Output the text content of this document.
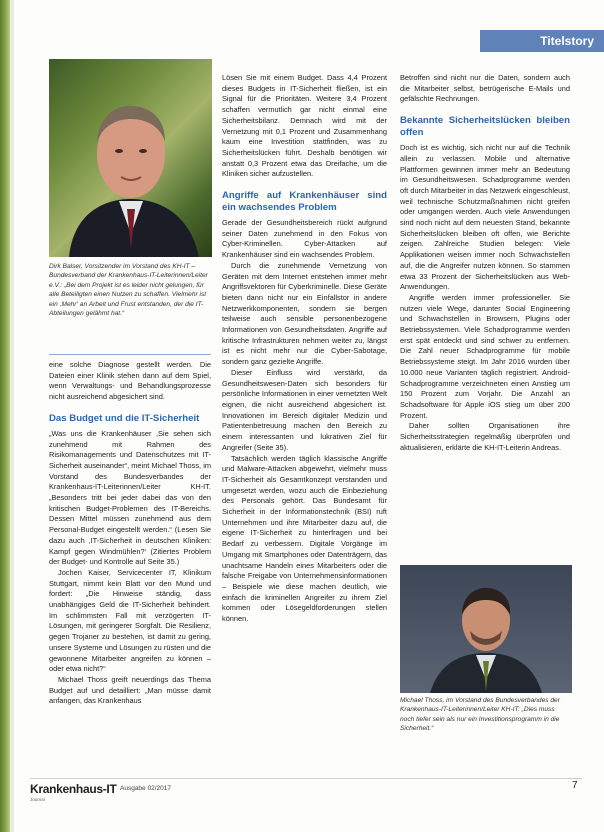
Titelstory
Dirk Balser, Vorsitzender im Vorstand des KH-IT – Bundesverband der Krankenhaus-IT-Leiterinnen/Leiter e.V.: „Bei dem Projekt ist es leider nicht gelungen, für alle Beteiligten einen Nutzen zu schaffen. Vielmehr ist ein ,Mehr‘ an Arbeit und Frust entstanden, der die IT-Abteilungen gelähmt hat.“

eine solche Diagnose gestellt werden. Die Dateien einer Klinik stehen dann auf dem Spiel, wenn Verwaltungs- und Behandlungsprozesse nicht ausreichend abgesichert sind.

Das Budget und die IT-Sicherheit

„Was uns die Krankenhäuser ,Sie sehen sich zunehmend mit Rahmen des Risikomanagements und Datenschutzes mit IT-Sicherheit auseinander“, meint Michael Thoss, im Vorstand des Bundesverbandes der Krankenhaus-IT-Leiterinnen/Leiter KH-IT. „Besonders tritt bei jeder dabei das von den kritischen Budget-Problemen des IT-Bereichs. Dessen Mittel müssen zunehmend aus dem Personal-Budget eingestellt werden.“ (Lesen Sie dazu auch ,IT-Sicherheit in deutschen Kliniken: Kampf gegen Windmühlen?‘ (Zitiertes Problem der Budget- und Kontrolle auf Seite 35.)

Jochen Kaiser, Servicecenter IT, Klinikum Stuttgart, nimmt kein Blatt vor den Mund und fordert: „Die Hinweise ständig, dass unabhängiges Geld die IT-Sicherheit behindert. Im schlimmsten Fall mit verzögerten IT-Lösungen, mit geringerer Sorgfalt. Die Resilienz, gegen Trojaner zu bestehen, ist damit zu gering, unsere Systeme und Lösungen zu rüsten und die gewonnene Mitarbeiter angreifen zu können – oder etwa nicht?“

Michael Thoss greift neuerdings das Thema Budget auf und detailliert: „Man müsse damit anfangen, das Krankenhaus

Lösen Sie mit einem Budget. Dass 4,4 Prozent dieses Budgets in IT-Sicherheit fließen, ist ein Signal für die Prioritäten. Weitere 3,4 Prozent schaffen vermutlich gar nicht einmal eine Sicherheitsbilanz. Demnach wird mit der Vernetzung mit 0,1 Prozent und Zusammenhang kaum eine Investition stattfinden, was zu Sicherheitslücken führt. Deshalb benötigen wir anstatt 0,3 Prozent etwa das Dreifache, um die Kliniken sicher aufzustellen.

Angriffe auf Krankenhäuser sind ein wachsendes Problem

Gerade der Gesundheitsbereich rückt aufgrund seiner Daten zunehmend in den Fokus von Cyber-Kriminellen. Cyber-Attacken auf Krankenhäuser sind ein wachsendes Problem.

Durch die zunehmende Vernetzung von Geräten mit dem Internet entstehen immer mehr Angriffsvektoren für Cyberkriminelle. Diese Geräte bieten dann nicht nur ein Einfallstor in andere Netzwerkkomponenten, sondern sie bergen teilweise auch sensible personenbezogene Informationen von Gesundheitsdaten. Angriffe auf kritische Infrastrukturen nehmen weiter zu, längst ist es nicht mehr nur die Cyber-Sabotage, sondern ganz gezielte Angriffe.

Dieser Einfluss wird verstärkt, da Gesundheitswesen-Daten sich besonders für persönliche Informationen in einer vernetzten Welt eignen, die nicht ausreichend abgesichert ist. Innovationen im Bereich digitaler Medizin und Patientenbetreuung machen den Bereich zu einem interessanten und lukrativen Ziel für Angreifer (Seite 35).

Tatsächlich werden täglich klassische Angriffe und Malware-Attacken abgewehrt, vielmehr muss IT-Sicherheit als Gesamtkonzept verstanden und umgesetzt werden, wozu auch die Einbeziehung des Personals gehört. Das Bundesamt für Sicherheit in der Informationstechnik (BSI) ruft Unternehmen und ihre Mitarbeiter dazu auf, die eigene IT-Sicherheit zu hinterfragen und bei Bedarf zu verbessern. Digitale Vorgänge im Umgang mit Smartphones oder Datenträgern, das unachtsame Handeln eines Mitarbeiters oder die falsche Freigabe von Unternehmensinformationen – Beispiele wie diese machen deutlich, wie einfach die kriminellen Angreifer zu ihrem Ziel kommen oder Lösegeldforderungen stellen können.

Betroffen sind nicht nur die Daten, sondern auch die Mitarbeiter selbst, betrügerische E-Mails und gefälschte Rechnungen.

Bekannte Sicherheitslücken bleiben offen

Doch ist es wichtig, sich nicht nur auf die Technik allein zu verlassen. Mobile und alternative Plattformen gewinnen immer mehr an Bedeutung im Gesundheitswesen. Schadprogramme werden oft durch Mitarbeiter in das Netzwerk eingeschleust, weil technische Schutzmaßnahmen nicht greifen oder umgangen werden. Auch viele Anwendungen sind noch nicht auf dem neuesten Stand, bekannte Sicherheitslücken bleiben oft offen, wie Berichte zeigen. Zahlreiche Studien belegen: Viele Applikationen weisen immer noch Schwachstellen auf, die die Angreifer nutzen können. So stammen etwa 33 Prozent der Sicherheitslücken aus Web-Anwendungen.

Angriffe werden immer professioneller. Sie nutzen viele Wege, darunter Social Engineering und Schwachstellen in Browsern, Plugins oder Betriebssystemen. Viele Schadprogramme werden erst spät entdeckt und sind schwer zu entfernen. Die Zahl neuer Schadprogramme für mobile Betriebssysteme steigt. Im Jahr 2016 wurden über 10.000 neue Varianten täglich registriert. Android-Schadprogramme verzeichneten einen Anstieg um 150 Prozent zum Vorjahr. Die Anzahl an Schadsoftware für Apple iOS stieg um über 200 Prozent.

Daher sollten Organisationen ihre Sicherheitsstrategien regelmäßig überprüfen und aktualisieren, erklärte die KH-IT-Leiterin Andreas.

Michael Thoss, im Vorstand des Bundesverbandes der Krankenhaus-IT-Leiterinnen/Leiter KH-IT: „Dies muss noch tiefer sein als nur ein Investitionsprogramm in die Sicherheit.“
Krankenhaus-IT
Journal
Ausgabe 02/2017	7
